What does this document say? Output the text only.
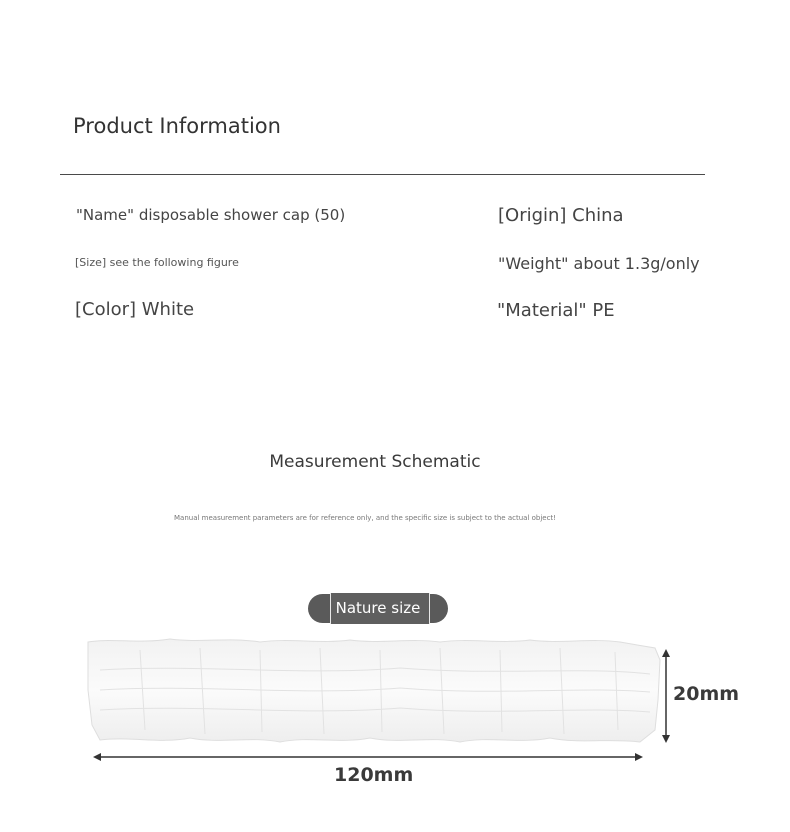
Product Information
"Name" disposable shower cap (50)
[Size] see the following figure
[Color] White
[Origin] China
"Weight" about 1.3g/only
"Material" PE
Measurement Schematic
Manual measurement parameters are for reference only, and the specific size is subject to the actual object!
Nature size
20mm
120mm
